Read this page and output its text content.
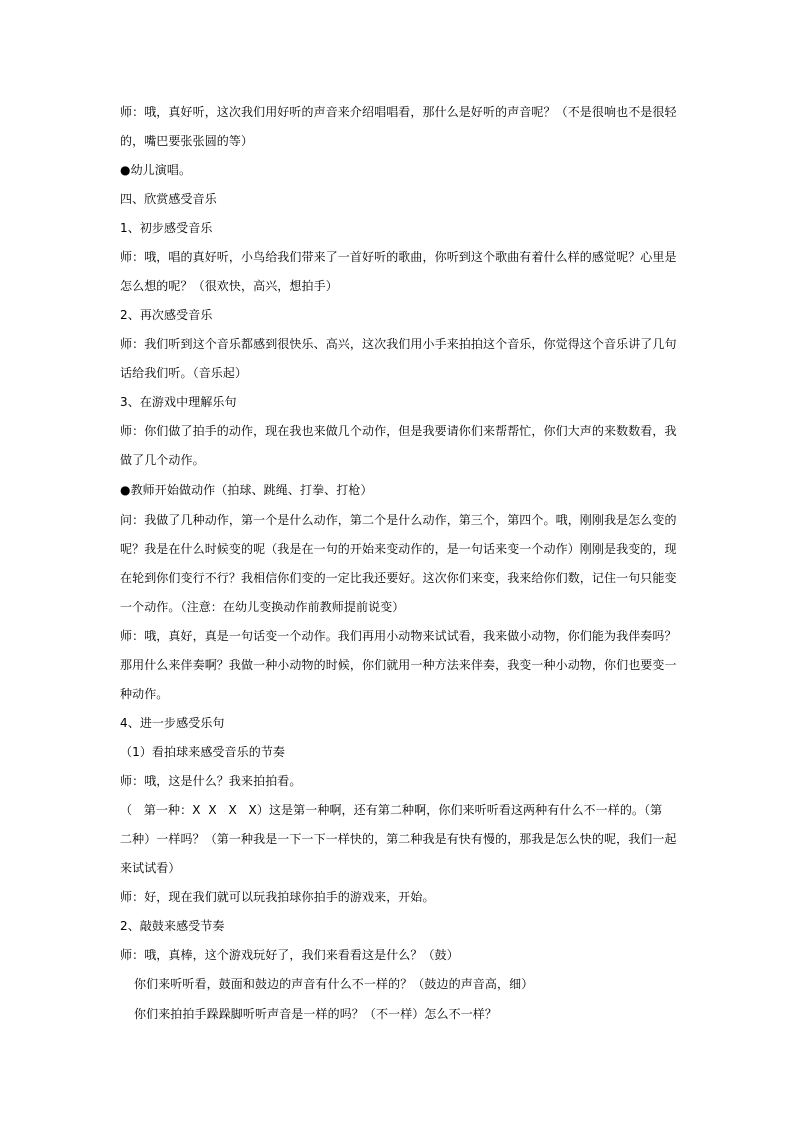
师：哦，真好听，这次我们用好听的声音来介绍唱唱看，那什么是好听的声音呢？（不是很响也不是很轻
的，嘴巴要张张圆的等）
●幼儿演唱。
四、欣赏感受音乐
1、初步感受音乐
师：哦，唱的真好听，小鸟给我们带来了一首好听的歌曲，你听到这个歌曲有着什么样的感觉呢？心里是
怎么想的呢？（很欢快，高兴，想拍手）
2、再次感受音乐
师：我们听到这个音乐都感到很快乐、高兴，这次我们用小手来拍拍这个音乐，你觉得这个音乐讲了几句
话给我们听。（音乐起）
3、在游戏中理解乐句
师：你们做了拍手的动作，现在我也来做几个动作，但是我要请你们来帮帮忙，你们大声的来数数看，我
做了几个动作。
●教师开始做动作（拍球、跳绳、打拳、打枪）
问：我做了几种动作，第一个是什么动作，第二个是什么动作，第三个，第四个。哦，刚刚我是怎么变的
呢？我是在什么时候变的呢（我是在一句的开始来变动作的，是一句话来变一个动作）刚刚是我变的，现
在轮到你们变行不行？我相信你们变的一定比我还要好。这次你们来变，我来给你们数，记住一句只能变
一个动作。（注意：在幼儿变换动作前教师提前说变）
师：哦，真好，真是一句话变一个动作。我们再用小动物来试试看，我来做小动物，你们能为我伴奏吗？
那用什么来伴奏啊？我做一种小动物的时候，你们就用一种方法来伴奏，我变一种小动物，你们也要变一
种动作。
4、进一步感受乐句
（1）看拍球来感受音乐的节奏
师：哦，这是什么？我来拍拍看。
（   第一种：X  X   X   X）这是第一种啊，还有第二种啊，你们来听听看这两种有什么不一样的。（第
二种）一样吗？（第一种我是一下一下一样快的，第二种我是有快有慢的，那我是怎么快的呢，我们一起
来试试看）
师：好，现在我们就可以玩我拍球你拍手的游戏来，开始。
2、敲鼓来感受节奏
师：哦，真棒，这个游戏玩好了，我们来看看这是什么？（鼓）
你们来听听看，鼓面和鼓边的声音有什么不一样的？（鼓边的声音高，细）
你们来拍拍手跺跺脚听听声音是一样的吗？（不一样）怎么不一样？
